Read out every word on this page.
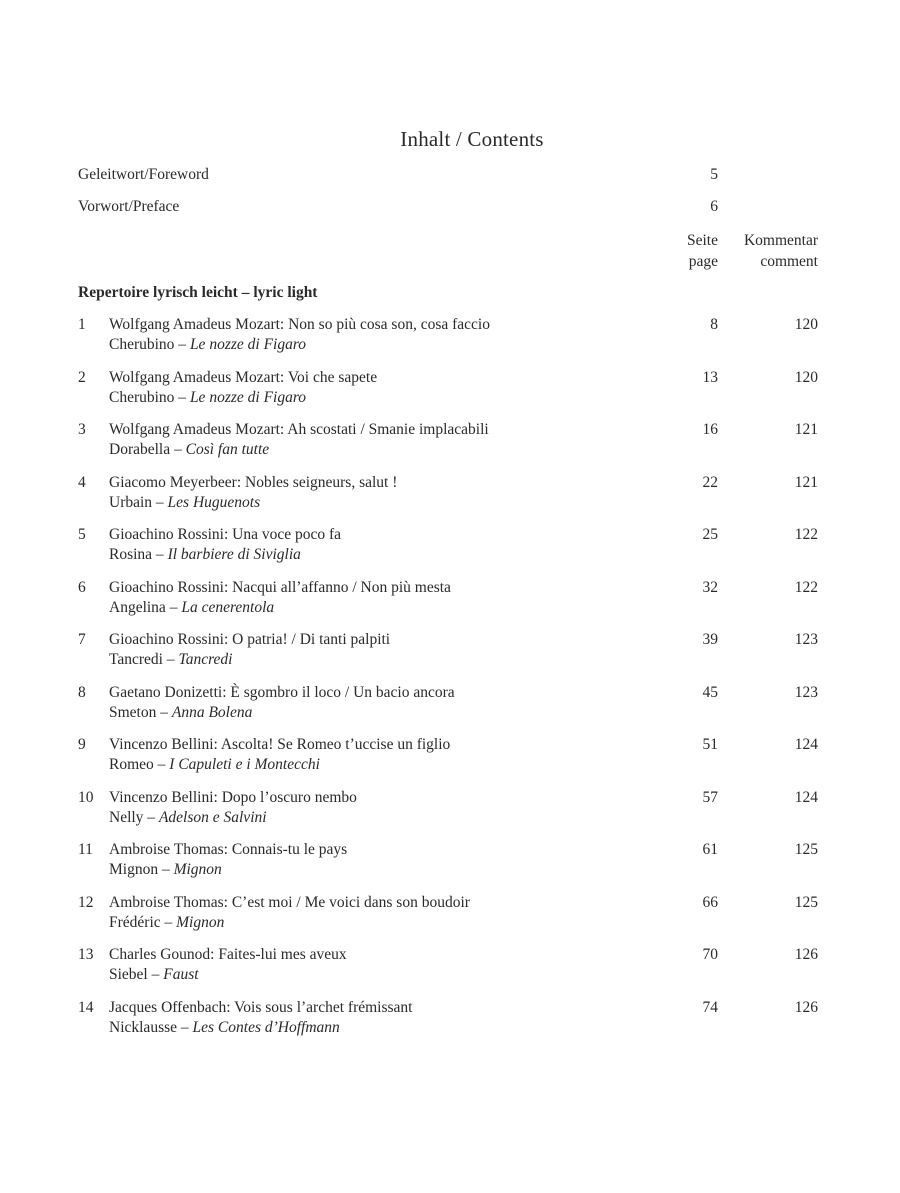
Inhalt / Contents
Geleitwort/Foreword	5
Vorwort/Preface	6
Seite
page
Kommentar
comment
Repertoire lyrisch leicht – lyric light
1 Wolfgang Amadeus Mozart: Non so più cosa son, cosa faccio
Cherubino – Le nozze di Figaro
8	120
2 Wolfgang Amadeus Mozart: Voi che sapete
Cherubino – Le nozze di Figaro
13	120
3 Wolfgang Amadeus Mozart: Ah scostati / Smanie implacabili
Dorabella – Così fan tutte
16	121
4 Giacomo Meyerbeer: Nobles seigneurs, salut !
Urbain – Les Huguenots
22	121
5 Gioachino Rossini: Una voce poco fa
Rosina – Il barbiere di Siviglia
25	122
6 Gioachino Rossini: Nacqui all’affanno / Non più mesta
Angelina – La cenerentola
32	122
7 Gioachino Rossini: O patria! / Di tanti palpiti
Tancredi – Tancredi
39	123
8 Gaetano Donizetti: È sgombro il loco / Un bacio ancora
Smeton – Anna Bolena
45	123
9 Vincenzo Bellini: Ascolta! Se Romeo t’uccise un figlio
Romeo – I Capuleti e i Montecchi
51	124
10 Vincenzo Bellini: Dopo l’oscuro nembo
Nelly – Adelson e Salvini
57	124
11 Ambroise Thomas: Connais-tu le pays
Mignon – Mignon
61	125
12 Ambroise Thomas: C’est moi / Me voici dans son boudoir
Frédéric – Mignon
66	125
13 Charles Gounod: Faites-lui mes aveux
Siebel – Faust
70	126
14 Jacques Offenbach: Vois sous l’archet frémissant
Nicklausse – Les Contes d’Hoffmann
74	126
